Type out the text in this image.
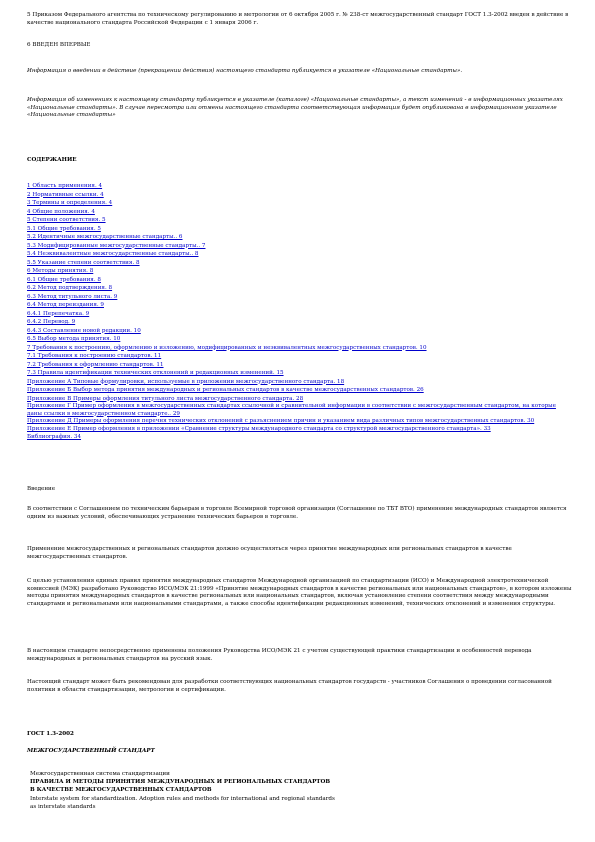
5 Приказом Федерального агентства по техническому регулированию и метрологии от 6 октября 2005 г. № 238-ст межгосударственный стандарт ГОСТ 1.3-2002 введен в действие в качестве национального стандарта Российской Федерации с 1 января 2006 г.

6 ВВЕДЕН ВПЕРВЫЕ

Информация о введении в действие (прекращении действия) настоящего стандарта публикуется в указателе «Национальные стандарты».

Информация об изменениях к настоящему стандарту публикуется в указателе (каталоге) «Национальные стандарты», а текст изменений - в информационных указателях «Национальные стандарты». В случае пересмотра или отмены настоящего стандарта соответствующая информация будет опубликована в информационном указателе «Национальные стандарты»

СОДЕРЖАНИЕ

1 Область применения. 4
2 Нормативные ссылки. 4
3 Термины и определения. 4
4 Общие положения. 4
5 Степени соответствия. 5
5.1 Общие требования. 5
5.2 Идентичные межгосударственные стандарты.. 6
5.3 Модифицированные межгосударственные стандарты.. 7
5.4 Неэквивалентные межгосударственные стандарты.. 8
5.5 Указание степени соответствия. 8
6 Методы принятия. 8
6.1 Общие требования. 8
6.2 Метод подтверждения. 8
6.3 Метод титульного листа. 9
6.4 Метод переиздания. 9
6.4.1 Перепечатка. 9
6.4.2 Перевод. 9
6.4.3 Составление новой редакции. 10
6.5 Выбор метода принятия. 10
7 Требования к построению, оформлению и изложению, модифицированных и неэквивалентных межгосударственных стандартов. 10
7.1 Требования к построению стандартов. 11
7.2 Требования к оформлению стандартов. 11
7.3 Правила идентификации технических отклонений и редакционных изменений. 15
Приложение А Типовые формулировки, используемые в приложении межгосударственного стандарта. 18
Приложение Б Выбор метода принятия международных и региональных стандартов в качестве межгосударственных стандартов. 26
Приложение В Примеры оформления титульного листа межгосударственного стандарта. 28
Приложение Г Пример оформления в межгосударственных стандартах ссылочной и сравнительной информации в соответствии с межгосударственным стандартом, на которые даны ссылки в межгосударственном стандарте.. 29
Приложение Д Примеры оформления перечня технических отклонений с разъяснением причин и указанием вида различных типов межгосударственных стандартов. 30
Приложение Е Пример оформления в приложении «Сравнение структуры международного стандарта со структурой межгосударственного стандарта». 33
Библиография. 34

Введение

В соответствии с Соглашением по техническим барьерам в торговле Всемирной торговой организации (Соглашение по ТБТ ВТО) применение международных стандартов является одним из важных условий, обеспечивающих устранение технических барьеров в торговле.

Применение межгосударственных и региональных стандартов должно осуществляться через принятие международных или региональных стандартов в качестве межгосударственных стандартов.

С целью установления единых правил принятия международных стандартов Международной организацией по стандартизации (ИСО) и Международной электротехнической комиссией (МЭК) разработано Руководство ИСО/МЭК 21:1999 «Принятие международных стандартов в качестве региональных или национальных стандартов», в котором изложены методы принятия международных стандартов в качестве региональных или национальных стандартов, включая установление степени соответствия между международными стандартами и региональными или национальными стандартами, а также способы идентификации редакционных изменений, технических отклонений и изменения структуры.

В настоящем стандарте непосредственно применены положения Руководства ИСО/МЭК 21 с учетом существующей практики стандартизации и особенностей перевода международных и региональных стандартов на русский язык.

Настоящий стандарт может быть рекомендован для разработки соответствующих национальных стандартов государств - участников Соглашения о проведении согласованной политики в области стандартизации, метрологии и сертификации.

ГОСТ 1.3-2002

МЕЖГОСУДАРСТВЕННЫЙ СТАНДАРТ

Межгосударственная система стандартизации

ПРАВИЛА И МЕТОДЫ ПРИНЯТИЯ МЕЖДУНАРОДНЫХ И РЕГИОНАЛЬНЫХ СТАНДАРТОВ

В КАЧЕСТВЕ МЕЖГОСУДАРСТВЕННЫХ СТАНДАРТОВ

Interstate system for standardization. Adoption rules and methods for international and regional standards

as interstate standards
